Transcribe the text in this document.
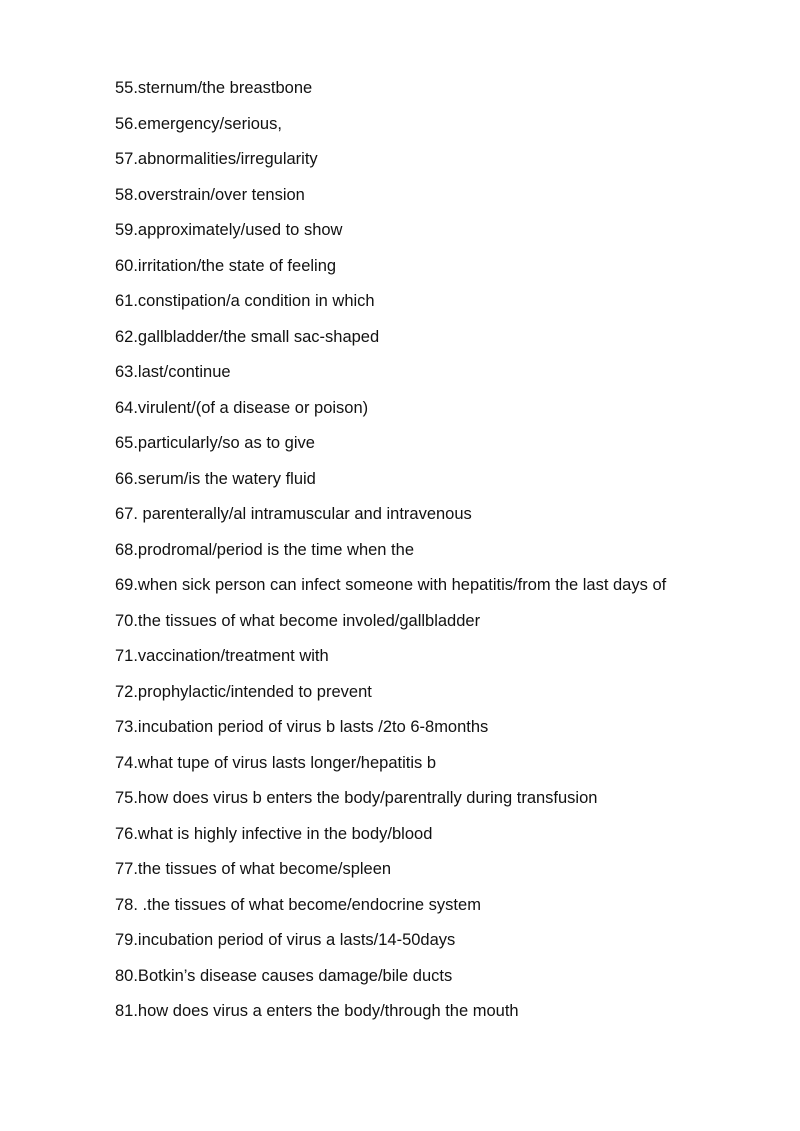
55.sternum/the breastbone
56.emergency/serious,
57.abnormalities/irregularity
58.overstrain/over tension
59.approximately/used to show
60.irritation/the state of feeling
61.constipation/a condition in which
62.gallbladder/the small sac-shaped
63.last/continue
64.virulent/(of a disease or poison)
65.particularly/so as to give
66.serum/is the watery fluid
67. parenterally/al intramuscular and intravenous
68.prodromal/period is the time when the
69.when sick person can infect someone with hepatitis/from the last days of
70.the tissues of what become involed/gallbladder
71.vaccination/treatment with
72.prophylactic/intended to prevent
73.incubation period of virus b lasts /2to 6-8months
74.what tupe of virus lasts longer/hepatitis b
75.how does virus b enters the body/parentrally during transfusion
76.what is highly infective in the body/blood
77.the tissues of what become/spleen
78. .the tissues of what become/endocrine system
79.incubation period of virus a lasts/14-50days
80.Botkin’s disease causes damage/bile ducts
81.how does virus a enters the body/through the mouth
